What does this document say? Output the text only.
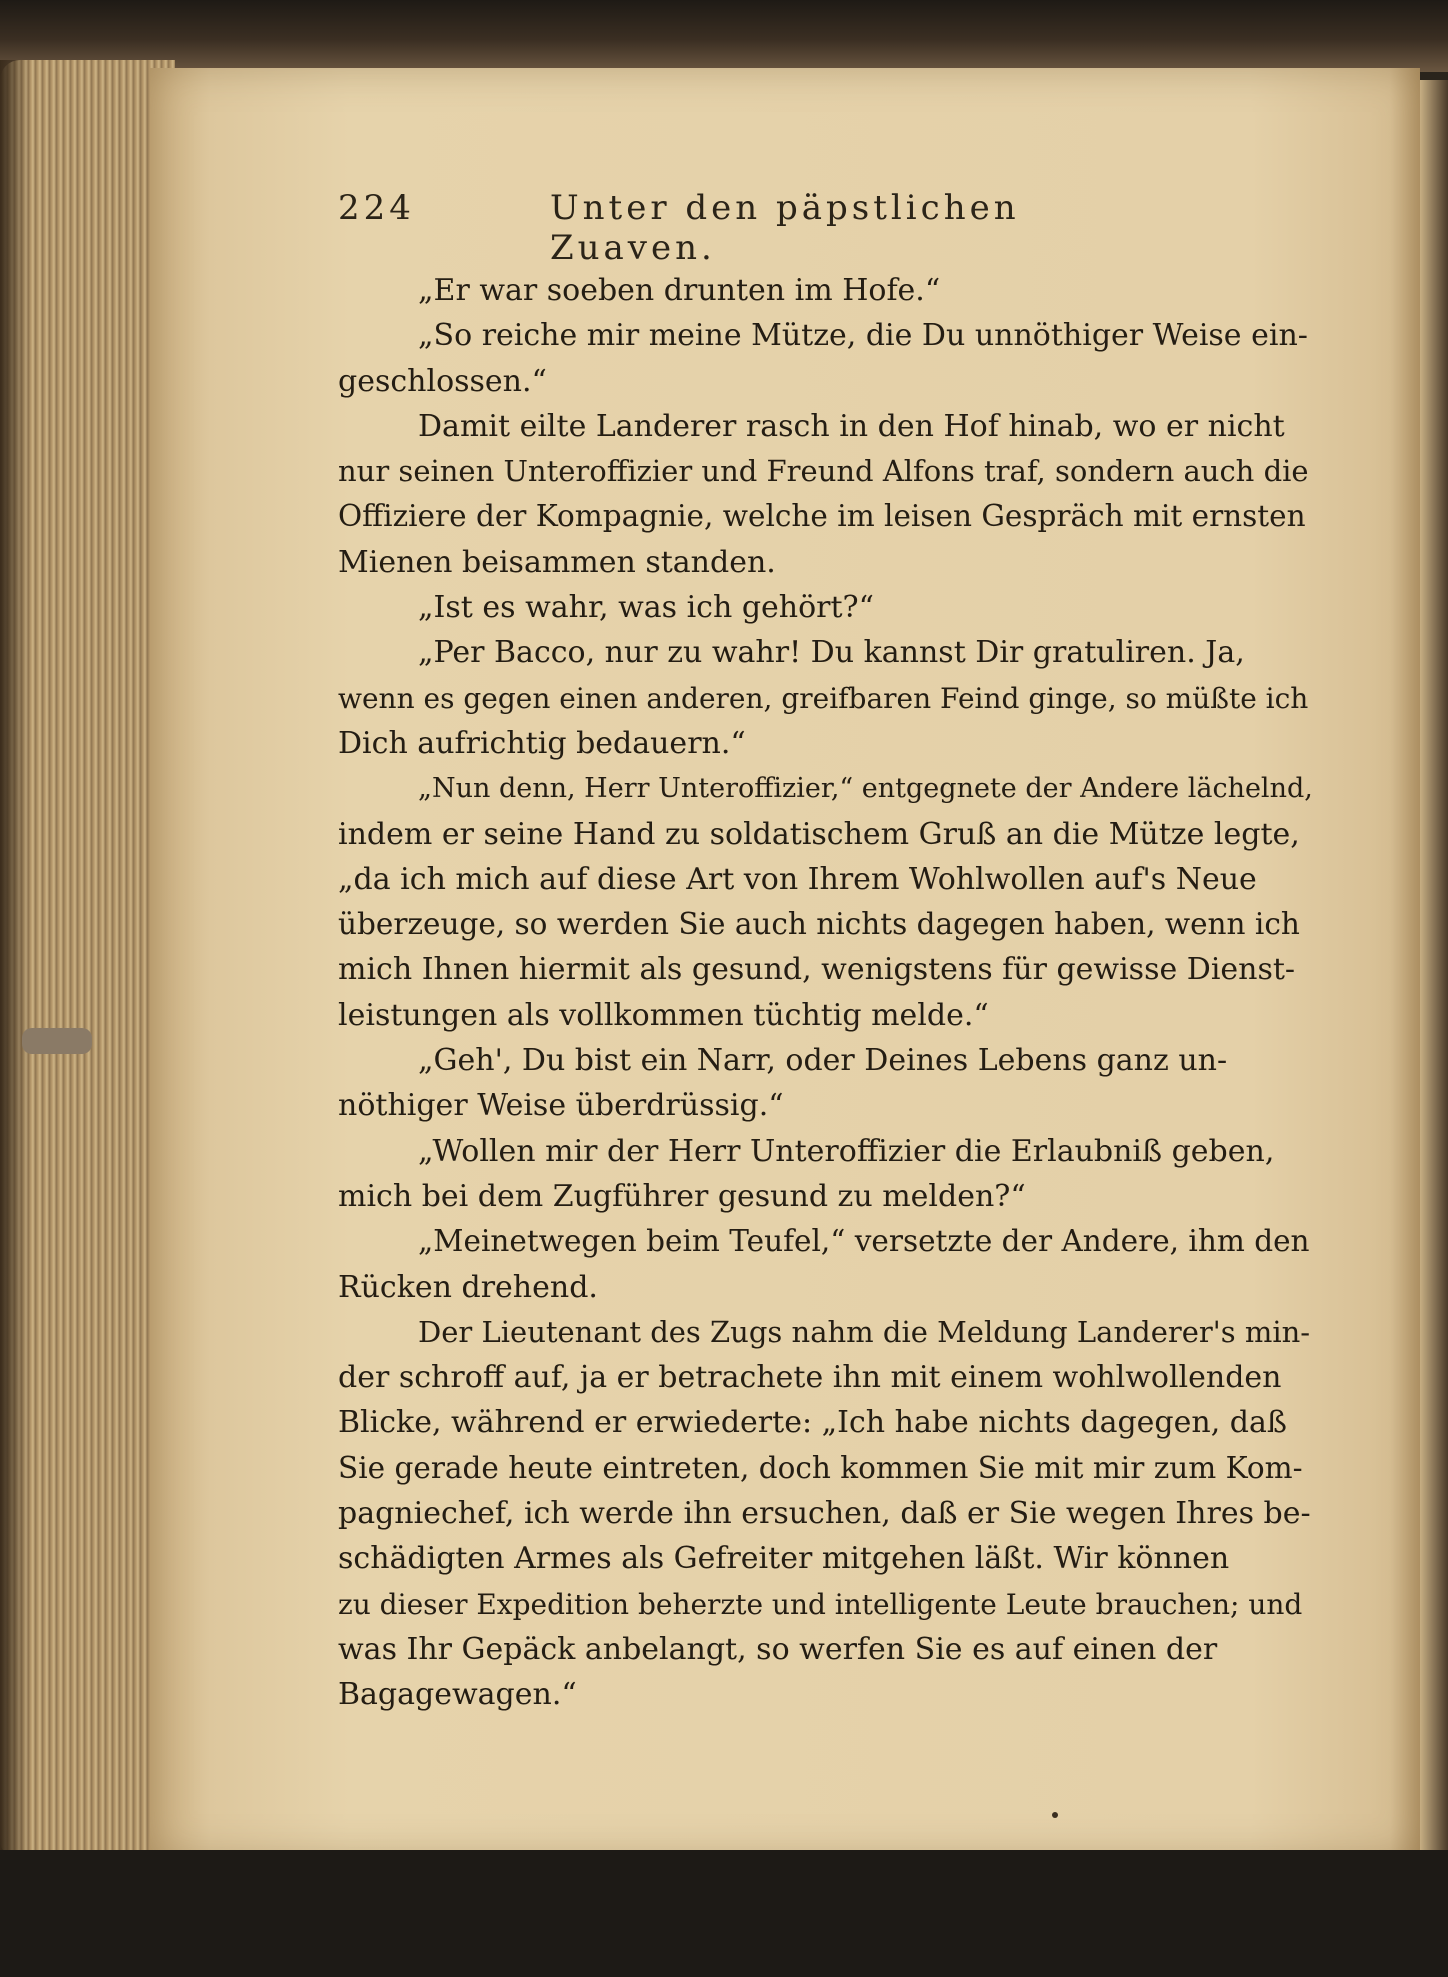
224	Unter den päpstlichen Zuaven.
„Er war soeben drunten im Hofe.“
„So reiche mir meine Mütze, die Du unnöthiger Weise ein-
geschlossen.“
Damit eilte Landerer rasch in den Hof hinab, wo er nicht
nur seinen Unteroffizier und Freund Alfons traf, sondern auch die
Offiziere der Kompagnie, welche im leisen Gespräch mit ernsten
Mienen beisammen standen.
„Ist es wahr, was ich gehört?“
„Per Bacco, nur zu wahr! Du kannst Dir gratuliren. Ja,
wenn es gegen einen anderen, greifbaren Feind ginge, so müßte ich
Dich aufrichtig bedauern.“
„Nun denn, Herr Unteroffizier,“ entgegnete der Andere lächelnd,
indem er seine Hand zu soldatischem Gruß an die Mütze legte,
„da ich mich auf diese Art von Ihrem Wohlwollen auf's Neue
überzeuge, so werden Sie auch nichts dagegen haben, wenn ich
mich Ihnen hiermit als gesund, wenigstens für gewisse Dienst-
leistungen als vollkommen tüchtig melde.“
„Geh', Du bist ein Narr, oder Deines Lebens ganz un-
nöthiger Weise überdrüssig.“
„Wollen mir der Herr Unteroffizier die Erlaubniß geben,
mich bei dem Zugführer gesund zu melden?“
„Meinetwegen beim Teufel,“ versetzte der Andere, ihm den
Rücken drehend.
Der Lieutenant des Zugs nahm die Meldung Landerer's min-
der schroff auf, ja er betrachete ihn mit einem wohlwollenden
Blicke, während er erwiederte: „Ich habe nichts dagegen, daß
Sie gerade heute eintreten, doch kommen Sie mit mir zum Kom-
pagniechef, ich werde ihn ersuchen, daß er Sie wegen Ihres be-
schädigten Armes als Gefreiter mitgehen läßt. Wir können
zu dieser Expedition beherzte und intelligente Leute brauchen; und
was Ihr Gepäck anbelangt, so werfen Sie es auf einen der
Bagagewagen.“
